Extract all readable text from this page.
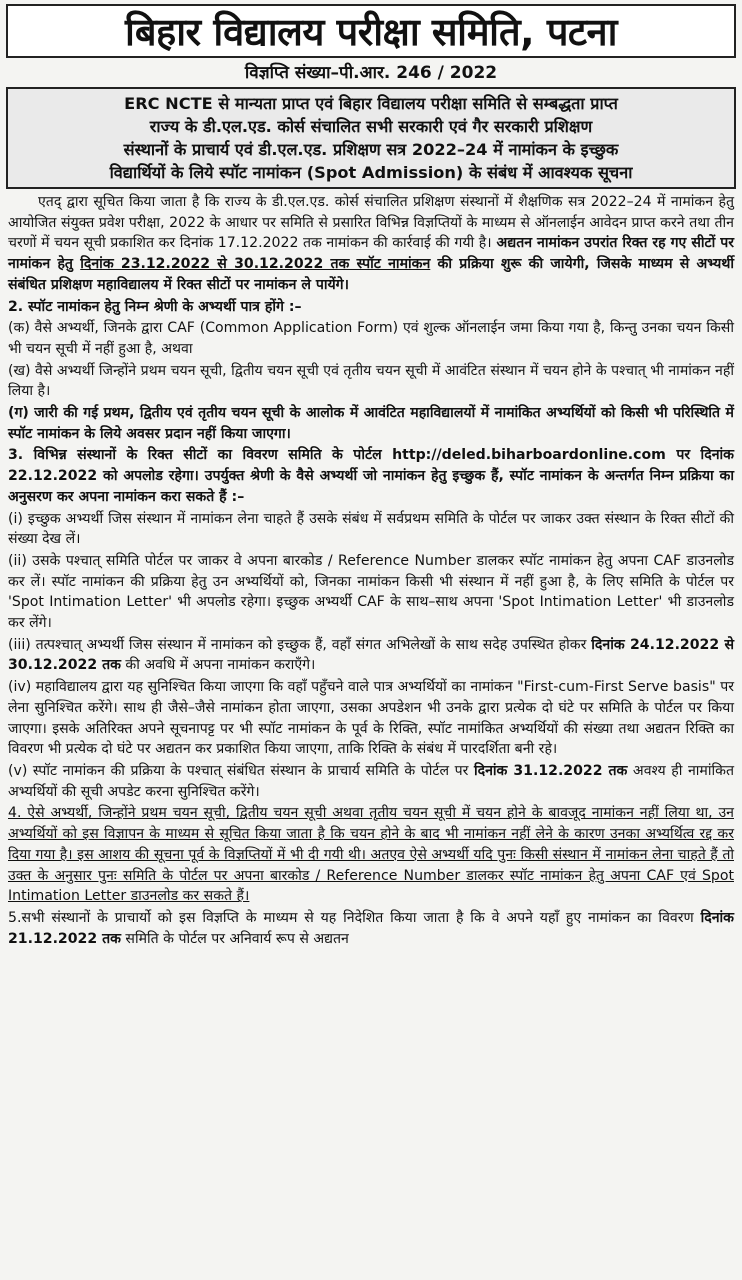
बिहार विद्यालय परीक्षा समिति, पटना
विज्ञप्ति संख्या–पी.आर. 246 / 2022
ERC NCTE से मान्यता प्राप्त एवं बिहार विद्यालय परीक्षा समिति से सम्बद्धता प्राप्त
राज्य के डी.एल.एड. कोर्स संचालित सभी सरकारी एवं गैर सरकारी प्रशिक्षण
संस्थानों के प्राचार्य एवं डी.एल.एड. प्रशिक्षण सत्र 2022–24 में नामांकन के इच्छुक
विद्यार्थियों के लिये स्पॉट नामांकन (Spot Admission) के संबंध में आवश्यक सूचना

एतद् द्वारा सूचित किया जाता है कि राज्य के डी.एल.एड. कोर्स संचालित प्रशिक्षण संस्थानों में शैक्षणिक सत्र 2022–24 में नामांकन हेतु आयोजित संयुक्त प्रवेश परीक्षा, 2022 के आधार पर समिति से प्रसारित विभिन्न विज्ञप्तियों के माध्यम से ऑनलाईन आवेदन प्राप्त करने तथा तीन चरणों में चयन सूची प्रकाशित कर दिनांक 17.12.2022 तक नामांकन की कार्रवाई की गयी है। अद्यतन नामांकन उपरांत रिक्त रह गए सीटों पर नामांकन हेतु दिनांक 23.12.2022 से 30.12.2022 तक स्पॉट नामांकन की प्रक्रिया शुरू की जायेगी, जिसके माध्यम से अभ्यर्थी संबंधित प्रशिक्षण महाविद्यालय में रिक्त सीटों पर नामांकन ले पायेंगे।

2. स्पॉट नामांकन हेतु निम्न श्रेणी के अभ्यर्थी पात्र होंगे :–

(क) वैसे अभ्यर्थी, जिनके द्वारा CAF (Common Application Form) एवं शुल्क ऑनलाईन जमा किया गया है, किन्तु उनका चयन किसी भी चयन सूची में नहीं हुआ है, अथवा

(ख) वैसे अभ्यर्थी जिन्होंने प्रथम चयन सूची, द्वितीय चयन सूची एवं तृतीय चयन सूची में आवंटित संस्थान में चयन होने के पश्चात् भी नामांकन नहीं लिया है।

(ग) जारी की गई प्रथम, द्वितीय एवं तृतीय चयन सूची के आलोक में आवंटित महाविद्यालयों में नामांकित अभ्यर्थियों को किसी भी परिस्थिति में स्पॉट नामांकन के लिये अवसर प्रदान नहीं किया जाएगा।

3. विभिन्न संस्थानों के रिक्त सीटों का विवरण समिति के पोर्टल http://deled.biharboardonline.com पर दिनांक 22.12.2022 को अपलोड रहेगा। उपर्युक्त श्रेणी के वैसे अभ्यर्थी जो नामांकन हेतु इच्छुक हैं, स्पॉट नामांकन के अन्तर्गत निम्न प्रक्रिया का अनुसरण कर अपना नामांकन करा सकते हैं :–

(i) इच्छुक अभ्यर्थी जिस संस्थान में नामांकन लेना चाहते हैं उसके संबंध में सर्वप्रथम समिति के पोर्टल पर जाकर उक्त संस्थान के रिक्त सीटों की संख्या देख लें।

(ii) उसके पश्चात् समिति पोर्टल पर जाकर वे अपना बारकोड / Reference Number डालकर स्पॉट नामांकन हेतु अपना CAF डाउनलोड कर लें। स्पॉट नामांकन की प्रक्रिया हेतु उन अभ्यर्थियों को, जिनका नामांकन किसी भी संस्थान में नहीं हुआ है, के लिए समिति के पोर्टल पर 'Spot Intimation Letter' भी अपलोड रहेगा। इच्छुक अभ्यर्थी CAF के साथ–साथ अपना 'Spot Intimation Letter' भी डाउनलोड कर लेंगे।

(iii) तत्पश्चात् अभ्यर्थी जिस संस्थान में नामांकन को इच्छुक हैं, वहाँ संगत अभिलेखों के साथ सदेह उपस्थित होकर दिनांक 24.12.2022 से 30.12.2022 तक की अवधि में अपना नामांकन कराएँगे।

(iv) महाविद्यालय द्वारा यह सुनिश्चित किया जाएगा कि वहाँ पहुँचने वाले पात्र अभ्यर्थियों का नामांकन "First-cum-First Serve basis" पर लेना सुनिश्चित करेंगे। साथ ही जैसे–जैसे नामांकन होता जाएगा, उसका अपडेशन भी उनके द्वारा प्रत्येक दो घंटे पर समिति के पोर्टल पर किया जाएगा। इसके अतिरिक्त अपने सूचनापट्ट पर भी स्पॉट नामांकन के पूर्व के रिक्ति, स्पॉट नामांकित अभ्यर्थियों की संख्या तथा अद्यतन रिक्ति का विवरण भी प्रत्येक दो घंटे पर अद्यतन कर प्रकाशित किया जाएगा, ताकि रिक्ति के संबंध में पारदर्शिता बनी रहे।

(v) स्पॉट नामांकन की प्रक्रिया के पश्चात् संबंधित संस्थान के प्राचार्य समिति के पोर्टल पर दिनांक 31.12.2022 तक अवश्य ही नामांकित अभ्यर्थियों की सूची अपडेट करना सुनिश्चित करेंगे।

4. ऐसे अभ्यर्थी, जिन्होंने प्रथम चयन सूची, द्वितीय चयन सूची अथवा तृतीय चयन सूची में चयन होने के बावजूद नामांकन नहीं लिया था, उन अभ्यर्थियों को इस विज्ञापन के माध्यम से सूचित किया जाता है कि चयन होने के बाद भी नामांकन नहीं लेने के कारण उनका अभ्यर्थित्व रद्द कर दिया गया है। इस आशय की सूचना पूर्व के विज्ञप्तियों में भी दी गयी थी। अतएव ऐसे अभ्यर्थी यदि पुनः किसी संस्थान में नामांकन लेना चाहते हैं तो उक्त के अनुसार पुनः समिति के पोर्टल पर अपना बारकोड / Reference Number डालकर स्पॉट नामांकन हेतु अपना CAF एवं Spot Intimation Letter डाउनलोड कर सकते हैं।

5.सभी संस्थानों के प्राचार्यो को इस विज्ञप्ति के माध्यम से यह निदेशित किया जाता है कि वे अपने यहाँ हुए नामांकन का विवरण दिनांक 21.12.2022 तक समिति के पोर्टल पर अनिवार्य रूप से अद्यतन
